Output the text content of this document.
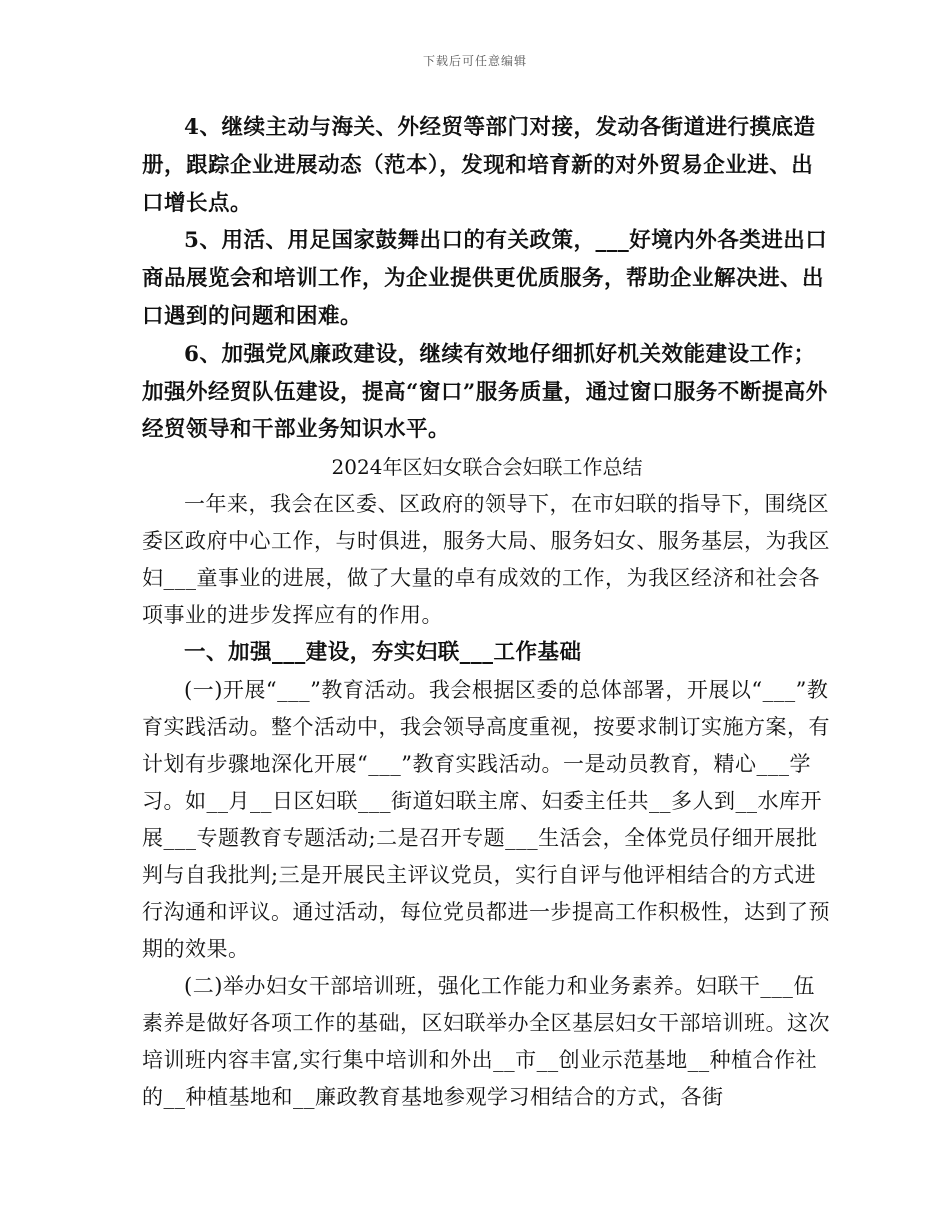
下载后可任意编辑

4、继续主动与海关、外经贸等部门对接，发动各街道进行摸底造册，跟踪企业进展动态（范本），发现和培育新的对外贸易企业进、出口增长点。

5、用活、用足国家鼓舞出口的有关政策，___好境内外各类进出口商品展览会和培训工作，为企业提供更优质服务，帮助企业解决进、出口遇到的问题和困难。

6、加强党风廉政建设，继续有效地仔细抓好机关效能建设工作；加强外经贸队伍建设，提高“窗口”服务质量，通过窗口服务不断提高外经贸领导和干部业务知识水平。

2024年区妇女联合会妇联工作总结

一年来，我会在区委、区政府的领导下，在市妇联的指导下，围绕区委区政府中心工作，与时俱进，服务大局、服务妇女、服务基层，为我区妇___童事业的进展，做了大量的卓有成效的工作，为我区经济和社会各项事业的进步发挥应有的作用。

一、加强___建设，夯实妇联___工作基础

(一)开展“___”教育活动。我会根据区委的总体部署，开展以“___”教育实践活动。整个活动中，我会领导高度重视，按要求制订实施方案，有计划有步骤地深化开展“___”教育实践活动。一是动员教育，精心___学习。如__月__日区妇联___街道妇联主席、妇委主任共__多人到__水库开展___专题教育专题活动;二是召开专题___生活会，全体党员仔细开展批判与自我批判;三是开展民主评议党员，实行自评与他评相结合的方式进行沟通和评议。通过活动，每位党员都进一步提高工作积极性，达到了预期的效果。

(二)举办妇女干部培训班，强化工作能力和业务素养。妇联干___伍素养是做好各项工作的基础，区妇联举办全区基层妇女干部培训班。这次培训班内容丰富,实行集中培训和外出__市__创业示范基地__种植合作社的__种植基地和__廉政教育基地参观学习相结合的方式，各街
